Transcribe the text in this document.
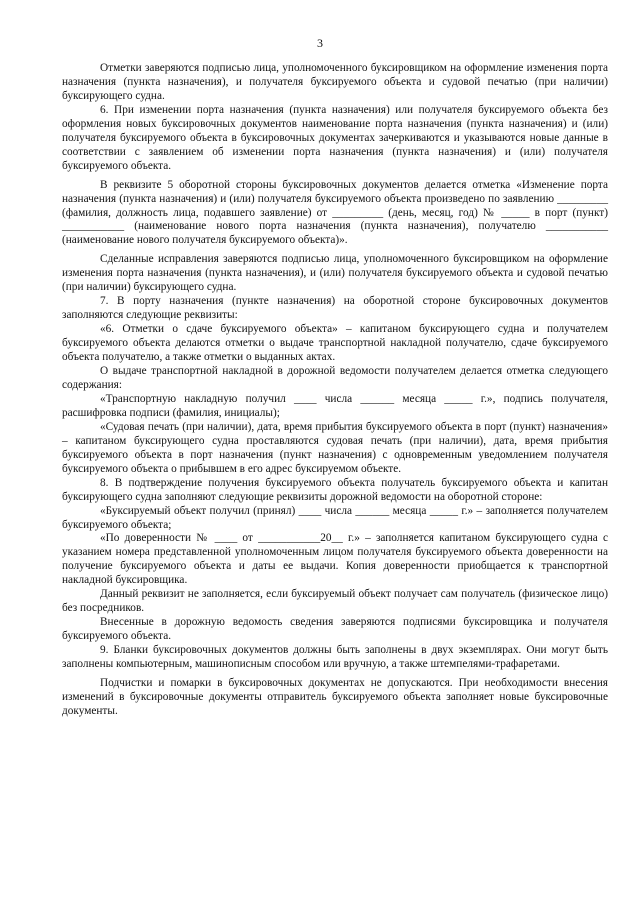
3

Отметки заверяются подписью лица, уполномоченного буксировщиком на оформление изменения порта назначения (пункта назначения), и получателя буксируемого объекта и судовой печатью (при наличии) буксирующего судна.

6. При изменении порта назначения (пункта назначения) или получателя буксируемого объекта без оформления новых буксировочных документов наименование порта назначения (пункта назначения) и (или) получателя буксируемого объекта в буксировочных документах зачеркиваются и указываются новые данные в соответствии с заявлением об изменении порта назначения (пункта назначения) и (или) получателя буксируемого объекта.

В реквизите 5 оборотной стороны буксировочных документов делается отметка «Изменение порта назначения (пункта назначения) и (или) получателя буксируемого объекта произведено по заявлению _________ (фамилия, должность лица, подавшего заявление) от _________ (день, месяц, год) № _____ в порт (пункт) ___________ (наименование нового порта назначения (пункта назначения), получателю ___________ (наименование нового получателя буксируемого объекта)».

Сделанные исправления заверяются подписью лица, уполномоченного буксировщиком на оформление изменения порта назначения (пункта назначения), и (или) получателя буксируемого объекта и судовой печатью (при наличии) буксирующего судна.

7. В порту назначения (пункте назначения) на оборотной стороне буксировочных документов заполняются следующие реквизиты:

«6. Отметки о сдаче буксируемого объекта» – капитаном буксирующего судна и получателем буксируемого объекта делаются отметки о выдаче транспортной накладной получателю, сдаче буксируемого объекта получателю, а также отметки о выданных актах.

О выдаче транспортной накладной в дорожной ведомости получателем делается отметка следующего содержания:

«Транспортную накладную получил ____ числа ______ месяца _____ г.», подпись получателя, расшифровка подписи (фамилия, инициалы);

«Судовая печать (при наличии), дата, время прибытия буксируемого объекта в порт (пункт) назначения» – капитаном буксирующего судна проставляются судовая печать (при наличии), дата, время прибытия буксируемого объекта в порт назначения (пункт назначения) с одновременным уведомлением получателя буксируемого объекта о прибывшем в его адрес буксируемом объекте.

8. В подтверждение получения буксируемого объекта получатель буксируемого объекта и капитан буксирующего судна заполняют следующие реквизиты дорожной ведомости на оборотной стороне:

«Буксируемый объект получил (принял) ____ числа ______ месяца _____ г.» – заполняется получателем буксируемого объекта;

«По доверенности № ____ от ___________20__ г.» – заполняется капитаном буксирующего судна с указанием номера представленной уполномоченным лицом получателя буксируемого объекта доверенности на получение буксируемого объекта и даты ее выдачи. Копия доверенности приобщается к транспортной накладной буксировщика.

Данный реквизит не заполняется, если буксируемый объект получает сам получатель (физическое лицо) без посредников.

Внесенные в дорожную ведомость сведения заверяются подписями буксировщика и получателя буксируемого объекта.

9. Бланки буксировочных документов должны быть заполнены в двух экземплярах. Они могут быть заполнены компьютерным, машинописным способом или вручную, а также штемпелями-трафаретами.

Подчистки и помарки в буксировочных документах не допускаются. При необходимости внесения изменений в буксировочные документы отправитель буксируемого объекта заполняет новые буксировочные документы.
